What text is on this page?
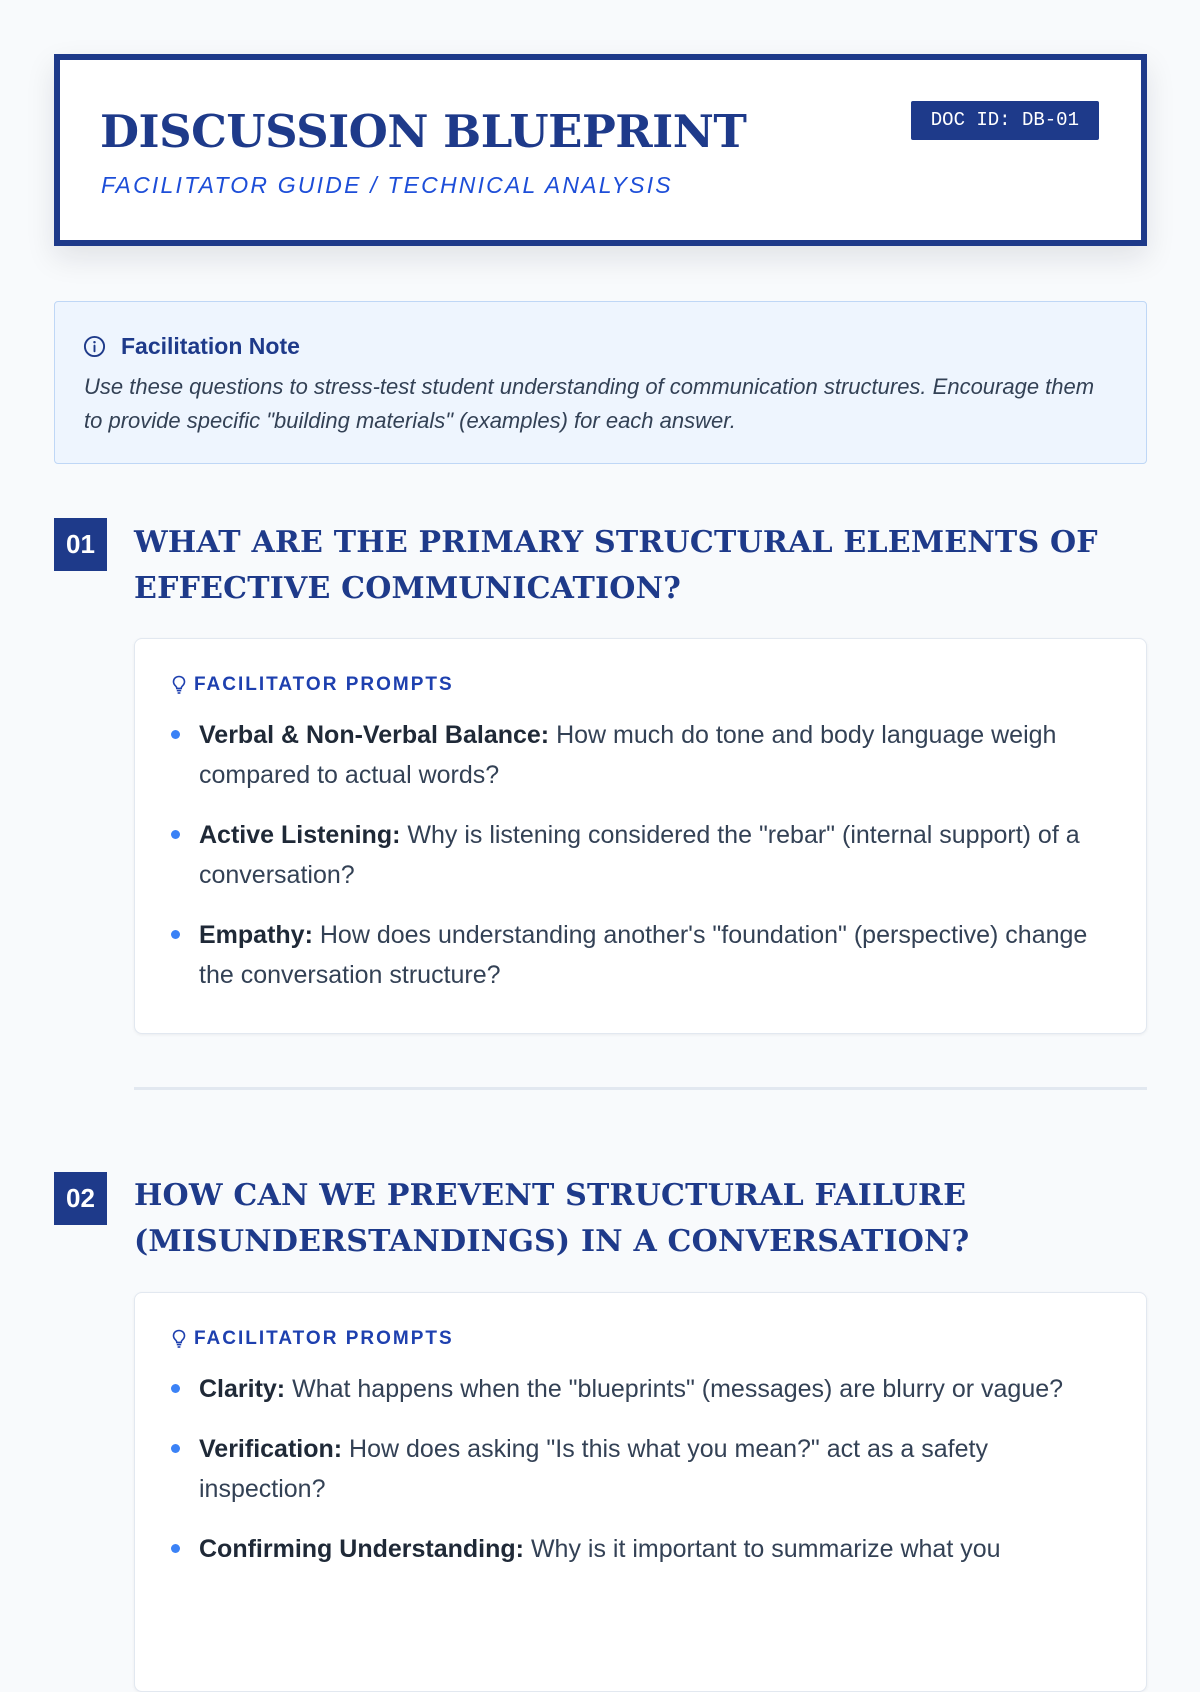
DISCUSSION BLUEPRINT
FACILITATOR GUIDE / TECHNICAL ANALYSIS
DOC ID: DB-01
Facilitation Note
Use these questions to stress-test student understanding of communication structures. Encourage them to provide specific "building materials" (examples) for each answer.
01	WHAT ARE THE PRIMARY STRUCTURAL ELEMENTS OF EFFECTIVE COMMUNICATION?
FACILITATOR PROMPTS
Verbal & Non-Verbal Balance: How much do tone and body language weigh compared to actual words?
Active Listening: Why is listening considered the "rebar" (internal support) of a conversation?
Empathy: How does understanding another's "foundation" (perspective) change the conversation structure?
02	HOW CAN WE PREVENT STRUCTURAL FAILURE (MISUNDERSTANDINGS) IN A CONVERSATION?
FACILITATOR PROMPTS
Clarity: What happens when the "blueprints" (messages) are blurry or vague?
Verification: How does asking "Is this what you mean?" act as a safety inspection?
Confirming Understanding: Why is it important to summarize what you
